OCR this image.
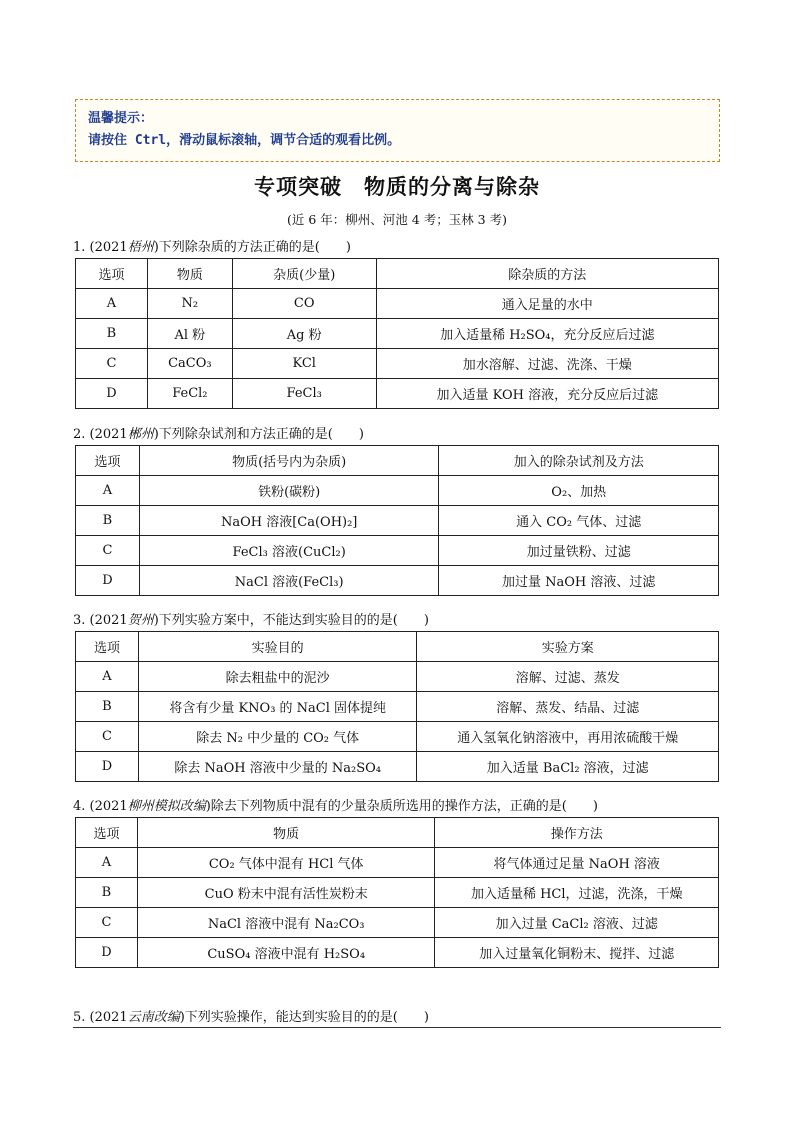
温馨提示：
请按住 Ctrl，滑动鼠标滚轴，调节合适的观看比例。
专项突破 物质的分离与除杂
(近 6 年：柳州、河池 4 考；玉林 3 考)
1. (2021梧州)下列除杂质的方法正确的是(　　)
选项	物质	杂质(少量)	除杂质的方法
A	N₂	CO	通入足量的水中
B	Al 粉	Ag 粉	加入适量稀 H₂SO₄，充分反应后过滤
C	CaCO₃	KCl	加水溶解、过滤、洗涤、干燥
D	FeCl₂	FeCl₃	加入适量 KOH 溶液，充分反应后过滤
2. (2021郴州)下列除杂试剂和方法正确的是(　　)
选项	物质(括号内为杂质)	加入的除杂试剂及方法
A	铁粉(碳粉)	O₂、加热
B	NaOH 溶液[Ca(OH)₂]	通入 CO₂ 气体、过滤
C	FeCl₃ 溶液(CuCl₂)	加过量铁粉、过滤
D	NaCl 溶液(FeCl₃)	加过量 NaOH 溶液、过滤
3. (2021贺州)下列实验方案中，不能达到实验目的的是(　　)
选项	实验目的	实验方案
A	除去粗盐中的泥沙	溶解、过滤、蒸发
B	将含有少量 KNO₃ 的 NaCl 固体提纯	溶解、蒸发、结晶、过滤
C	除去 N₂ 中少量的 CO₂ 气体	通入氢氧化钠溶液中，再用浓硫酸干燥
D	除去 NaOH 溶液中少量的 Na₂SO₄	加入适量 BaCl₂ 溶液，过滤
4. (2021柳州模拟改编)除去下列物质中混有的少量杂质所选用的操作方法，正确的是(　　)
选项	物质	操作方法
A	CO₂ 气体中混有 HCl 气体	将气体通过足量 NaOH 溶液
B	CuO 粉末中混有活性炭粉末	加入适量稀 HCl，过滤，洗涤，干燥
C	NaCl 溶液中混有 Na₂CO₃	加入过量 CaCl₂ 溶液、过滤
D	CuSO₄ 溶液中混有 H₂SO₄	加入过量氧化铜粉末、搅拌、过滤
5. (2021云南改编)下列实验操作，能达到实验目的的是(　　)
